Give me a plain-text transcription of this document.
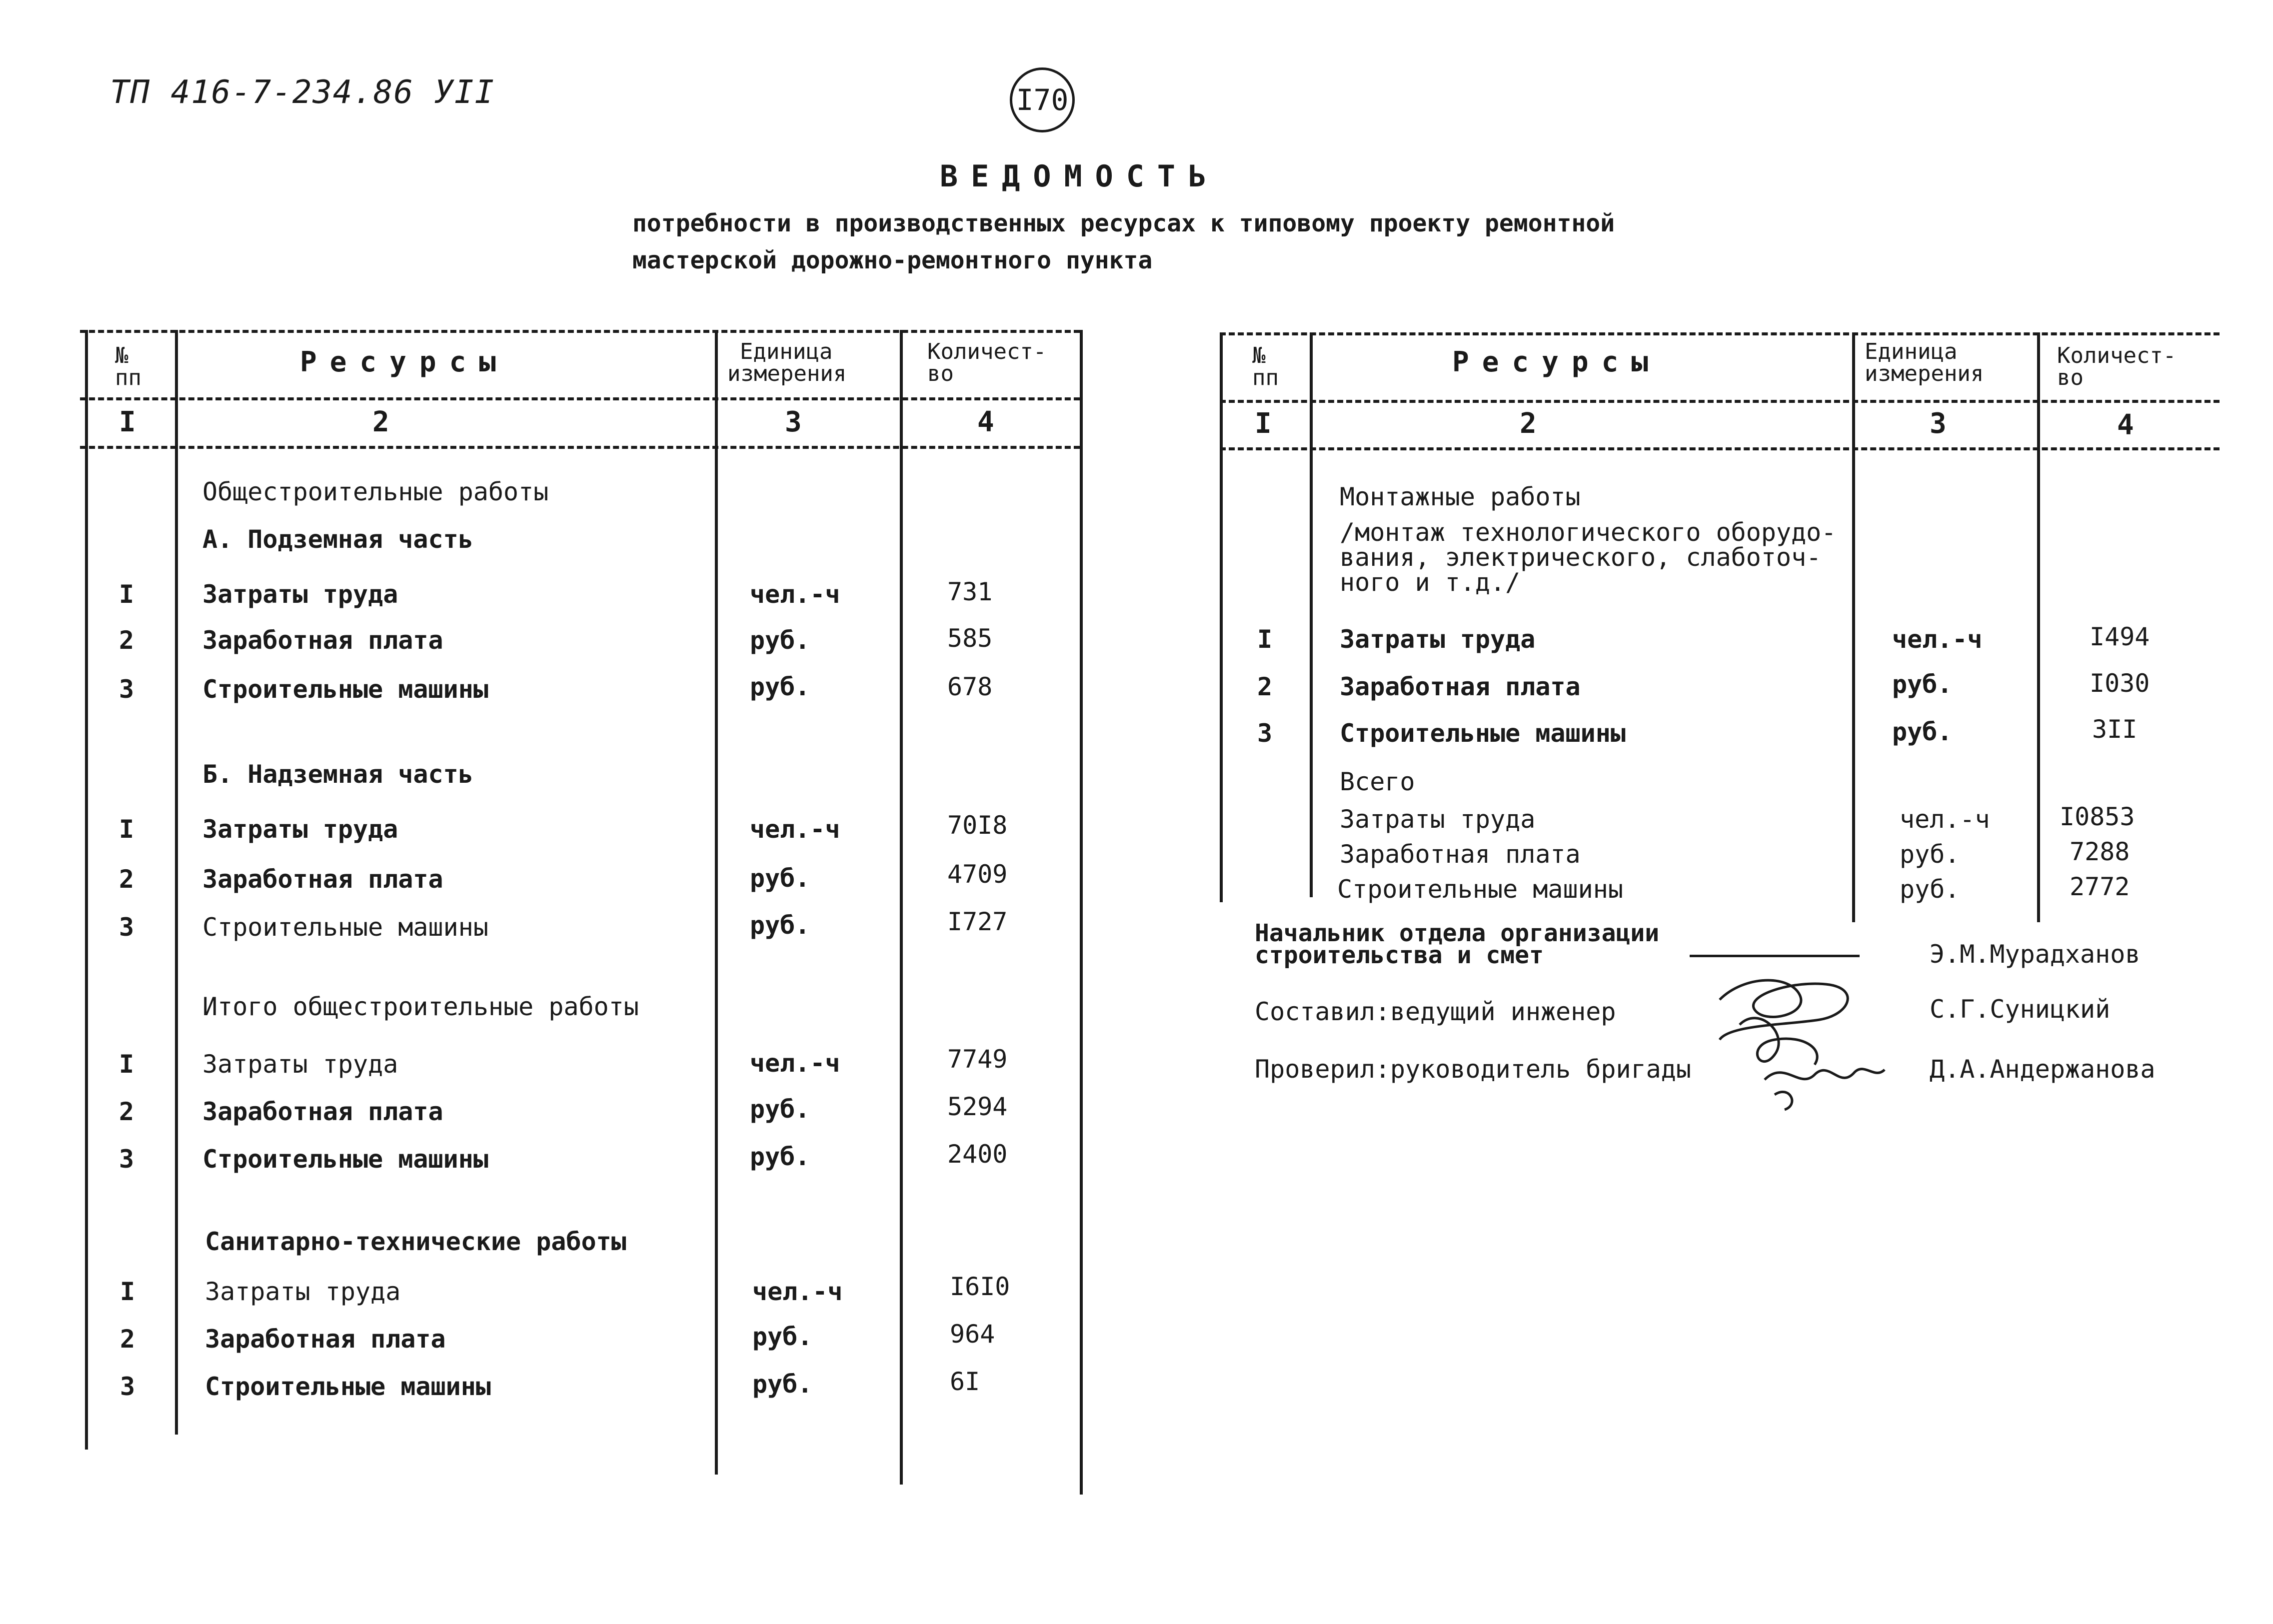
ТП 416-7-234.86 УII	I70
ВЕДОМОСТЬ
потребности в производственных ресурсах к типовому проекту ремонтной
мастерской дорожно-ремонтного пункта
№
пп	Ресурсы	Единица
измерения
Количест-
во
I	2	3	4
Общестроительные работы
А. Подземная часть
I	Затраты труда	чел.-ч	731
2	Заработная плата	руб.	585
3	Строительные машины	руб.	678
Б. Надземная часть
I	Затраты труда	чел.-ч	70I8
2	Заработная плата	руб.	4709
3	Строительные машины	руб.	I727
Итого общестроительные работы
I	Затраты труда	чел.-ч	7749
2	Заработная плата	руб.	5294
3	Строительные машины	руб.	2400
Санитарно-технические работы
I	Затраты труда	чел.-ч	I6I0
2	Заработная плата	руб.	964
3	Строительные машины	руб.	6I
№
пп	Ресурсы	Единица
измерения
Количест-
во
I	2	3	4
Монтажные работы
/монтаж технологического оборудо-
вания, электрического, слаботоч-
ного и т.д./
I	Затраты труда	чел.-ч	I494
2	Заработная плата	руб.	I030
3	Строительные машины	руб.	3II
Всего
Затраты труда	чел.-ч	I0853
Заработная плата	руб.	7288
Строительные машины	руб.	2772
Начальник отдела организации
строительства и смет	Э.М.Мурадханов
Составил:ведущий инженер	С.Г.Суницкий
Проверил:руководитель бригады	Д.А.Андержанова
